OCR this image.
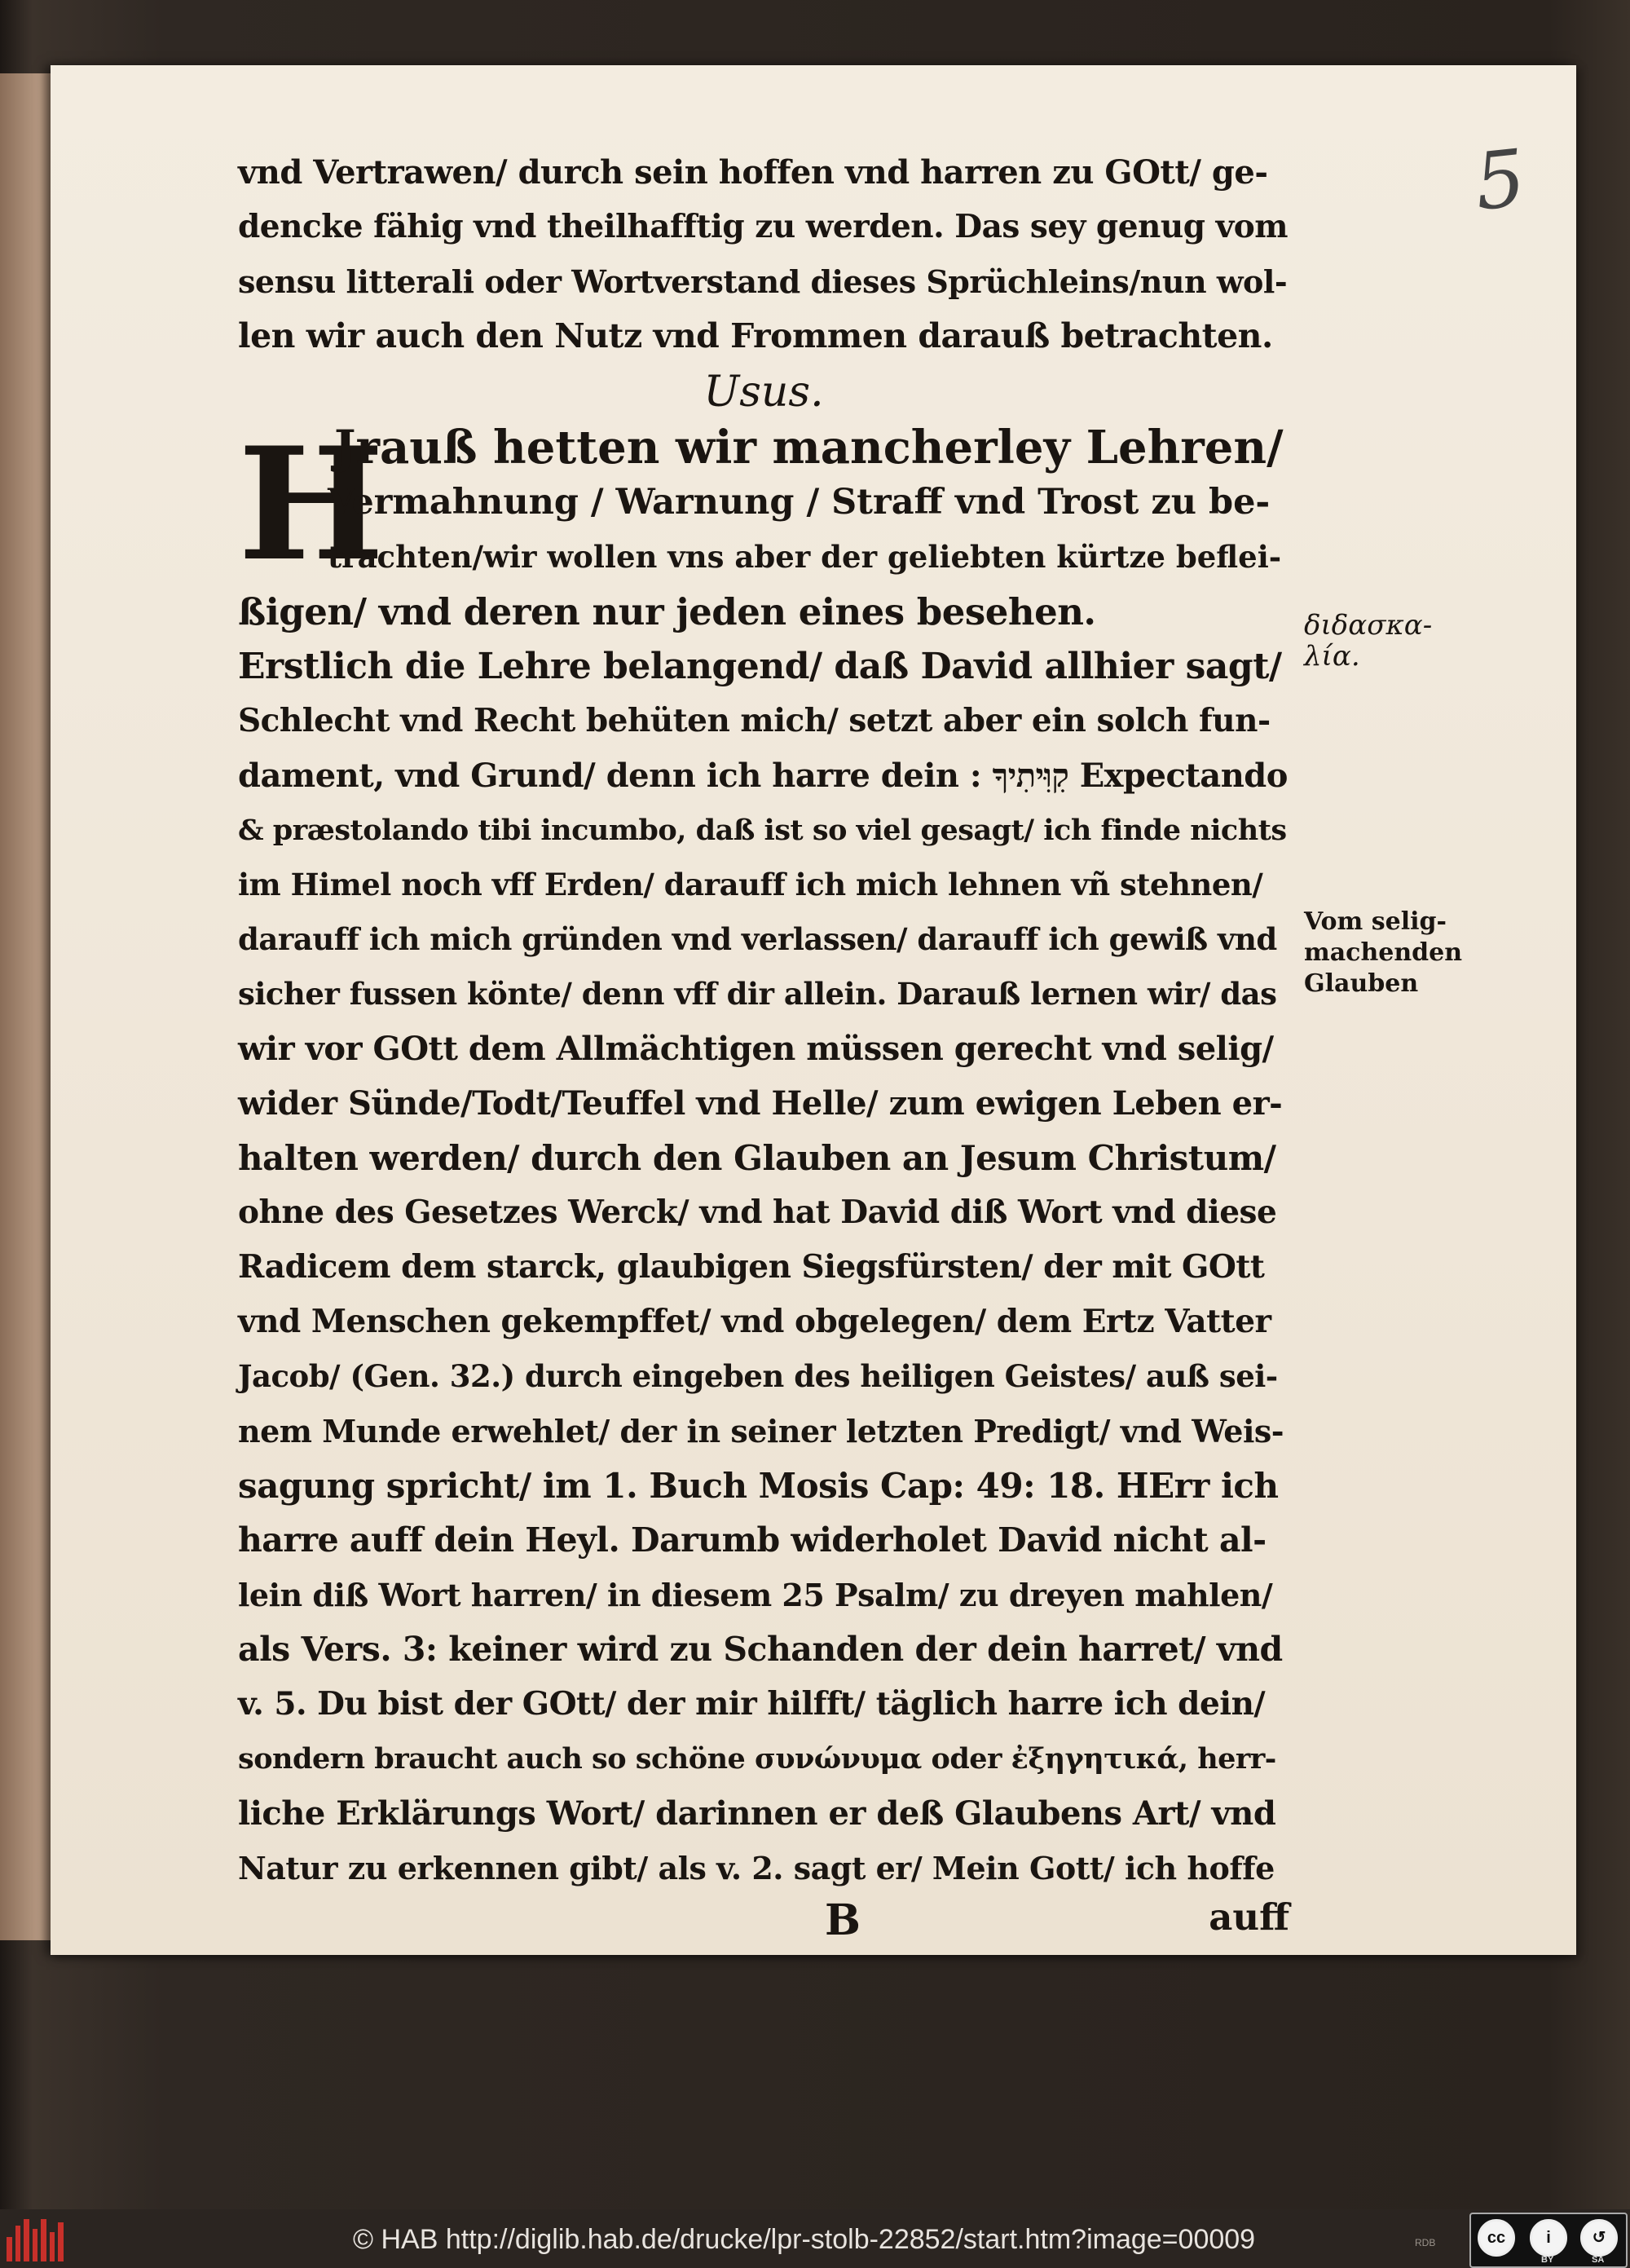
5
vnd Vertrawen/ durch sein hoffen vnd harren zu GOtt/ ge-
dencke fähig vnd theilhafftig zu werden. Das sey genug vom
sensu litterali oder Wortverstand dieses Sprüchleins/nun wol-
len wir auch den Nutz vnd Frommen darauß betrachten.
Usus.
H
Jrauß hetten wir mancherley Lehren/
Vermahnung / Warnung / Straff vnd Trost zu be-
trachten/wir wollen vns aber der geliebten kürtze beflei-
ßigen/ vnd deren nur jeden eines besehen.
Erstlich die Lehre belangend/ daß David allhier sagt/
Schlecht vnd Recht behüten mich/ setzt aber ein solch fun-
dament, vnd Grund/ denn ich harre dein : קִוִּיתִיךָ Expectando
& præstolando tibi incumbo, daß ist so viel gesagt/ ich finde nichts
im Himel noch vff Erden/ darauff ich mich lehnen vñ stehnen/
darauff ich mich gründen vnd verlassen/ darauff ich gewiß vnd
sicher fussen könte/ denn vff dir allein. Darauß lernen wir/ das
wir vor GOtt dem Allmächtigen müssen gerecht vnd selig/
wider Sünde/Todt/Teuffel vnd Helle/ zum ewigen Leben er-
halten werden/ durch den Glauben an Jesum Christum/
ohne des Gesetzes Werck/ vnd hat David diß Wort vnd diese
Radicem dem starck, glaubigen Siegsfürsten/ der mit GOtt
vnd Menschen gekempffet/ vnd obgelegen/ dem Ertz Vatter
Jacob/ (Gen. 32.) durch eingeben des heiligen Geistes/ auß sei-
nem Munde erwehlet/ der in seiner letzten Predigt/ vnd Weis-
sagung spricht/ im 1. Buch Mosis Cap: 49: 18. HErr ich
harre auff dein Heyl. Darumb widerholet David nicht al-
lein diß Wort harren/ in diesem 25 Psalm/ zu dreyen mahlen/
als Vers. 3: keiner wird zu Schanden der dein harret/ vnd
v. 5. Du bist der GOtt/ der mir hilfft/ täglich harre ich dein/
sondern braucht auch so schöne συνώνυμα oder ἐξηγητικά, herr-
liche Erklärungs Wort/ darinnen er deß Glaubens Art/ vnd
Natur zu erkennen gibt/ als v. 2. sagt er/ Mein Gott/ ich hoffe
B	auff
διδασκα-
λία.
Vom selig-
machenden
Glauben
© HAB http://diglib.hab.de/drucke/lpr-stolb-22852/start.htm?image=00009	RDB	cc	i	↺
BY	SA
